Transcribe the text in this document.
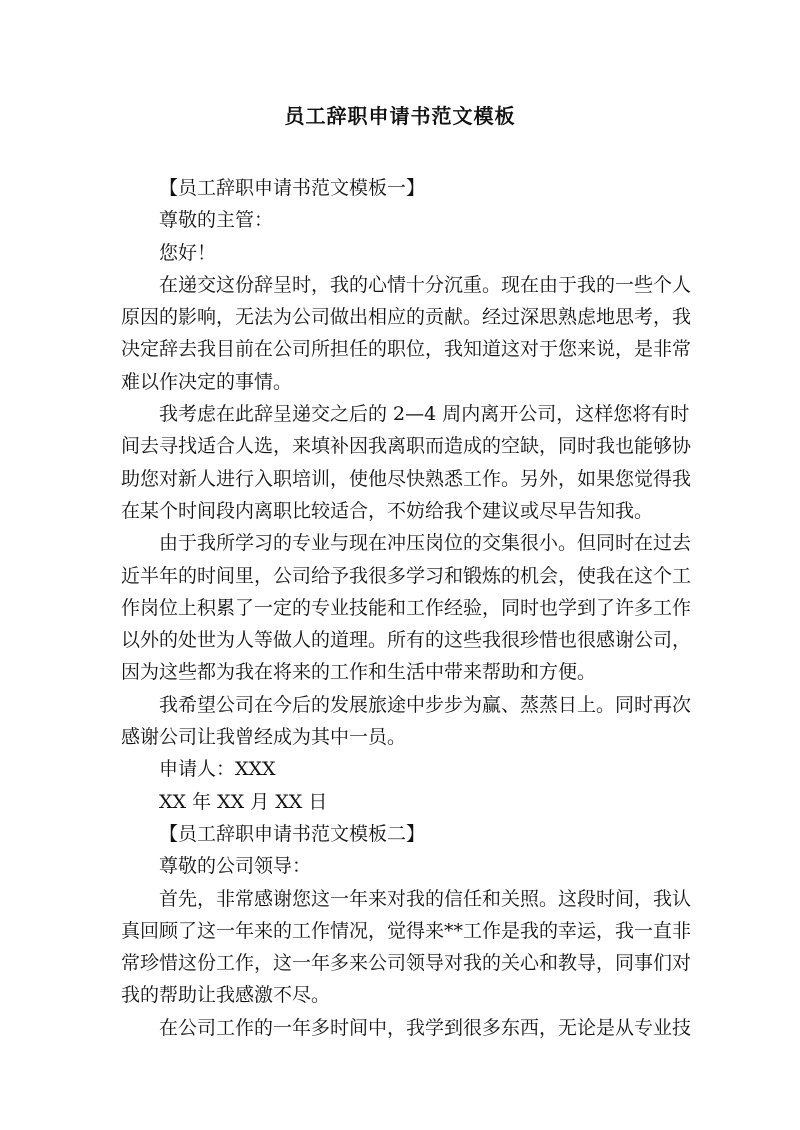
员工辞职申请书范文模板

【员工辞职申请书范文模板一】

尊敬的主管：

您好！

在递交这份辞呈时，我的心情十分沉重。现在由于我的一些个人

原因的影响，无法为公司做出相应的贡献。经过深思熟虑地思考，我

决定辞去我目前在公司所担任的职位，我知道这对于您来说，是非常

难以作决定的事情。

我考虑在此辞呈递交之后的 2—4 周内离开公司，这样您将有时

间去寻找适合人选，来填补因我离职而造成的空缺，同时我也能够协

助您对新人进行入职培训，使他尽快熟悉工作。另外，如果您觉得我

在某个时间段内离职比较适合，不妨给我个建议或尽早告知我。

由于我所学习的专业与现在冲压岗位的交集很小。但同时在过去

近半年的时间里，公司给予我很多学习和锻炼的机会，使我在这个工

作岗位上积累了一定的专业技能和工作经验，同时也学到了许多工作

以外的处世为人等做人的道理。所有的这些我很珍惜也很感谢公司，

因为这些都为我在将来的工作和生活中带来帮助和方便。

我希望公司在今后的发展旅途中步步为赢、蒸蒸日上。同时再次

感谢公司让我曾经成为其中一员。

申请人：XXX

XX 年 XX 月 XX 日

【员工辞职申请书范文模板二】

尊敬的公司领导：

首先，非常感谢您这一年来对我的信任和关照。这段时间，我认

真回顾了这一年来的工作情况，觉得来**工作是我的幸运，我一直非

常珍惜这份工作，这一年多来公司领导对我的关心和教导，同事们对

我的帮助让我感激不尽。

在公司工作的一年多时间中，我学到很多东西，无论是从专业技
